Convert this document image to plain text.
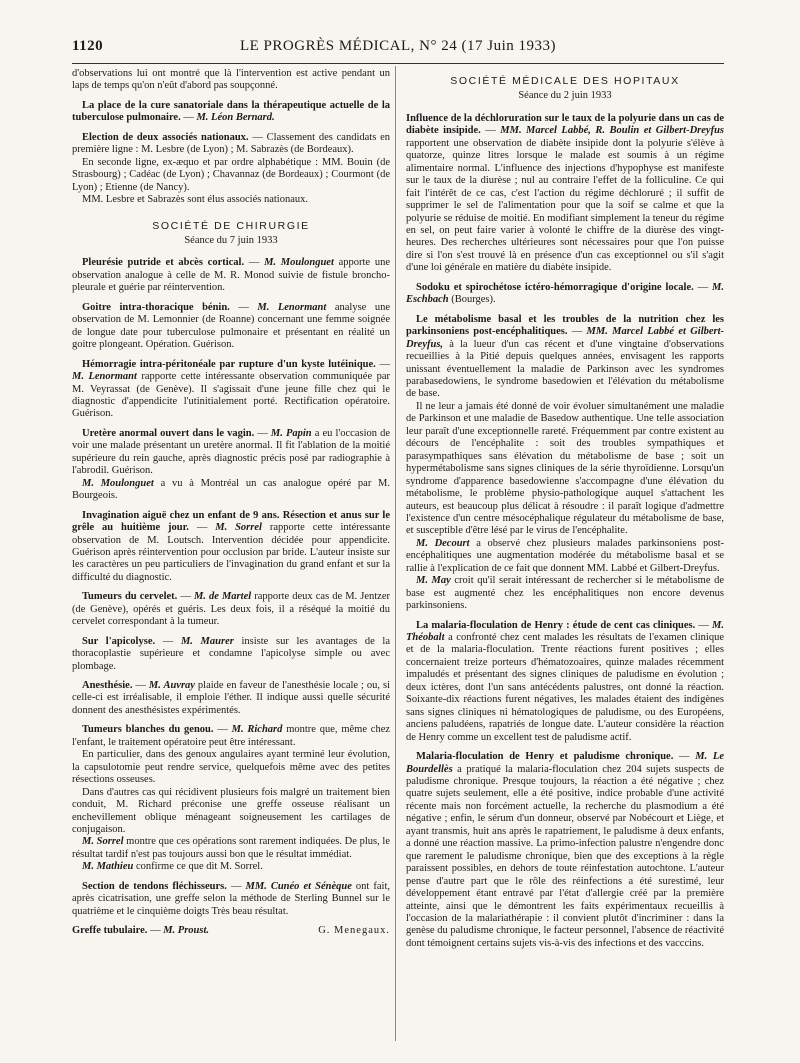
1120	LE PROGRÈS MÉDICAL, N° 24 (17 Juin 1933)

d'observations lui ont montré que là l'intervention est active pendant un laps de temps qu'on n'eût d'abord pas soupçonné.

La place de la cure sanatoriale dans la thérapeutique actuelle de la tuberculose pulmonaire. — M. Léon Bernard.

Election de deux associés nationaux. — Classement des candidats en première ligne : M. Lesbre (de Lyon) ; M. Sabrazès (de Bordeaux).

En seconde ligne, ex-æquo et par ordre alphabétique : MM. Bouin (de Strasbourg) ; Cadéac (de Lyon) ; Chavannaz (de Bordeaux) ; Courmont (de Lyon) ; Etienne (de Nancy).

MM. Lesbre et Sabrazès sont élus associés nationaux.

SOCIÉTÉ DE CHIRURGIE
Séance du 7 juin 1933

Pleurésie putride et abcès cortical. — M. Moulonguet apporte une observation analogue à celle de M. R. Monod suivie de fistule broncho-pleurale et guérie par réintervention.

Goitre intra-thoracique bénin. — M. Lenormant analyse une observation de M. Lemonnier (de Roanne) concernant une femme soignée de longue date pour tuberculose pulmonaire et présentant en réalité un goitre plongeant. Opération. Guérison.

Hémorragie intra-péritonéale par rupture d'un kyste lutéinique. — M. Lenormant rapporte cette intéressante observation communiquée par M. Veyrassat (de Genève). Il s'agissait d'une jeune fille chez qui le diagnostic d'appendicite l'utinitialement porté. Rectification opératoire. Guérison.

Uretère anormal ouvert dans le vagin. — M. Papin a eu l'occasion de voir une malade présentant un uretère anormal. Il fit l'ablation de la moitié supérieure du rein gauche, après diagnostic précis posé par radiographie à l'abrodil. Guérison.

M. Moulonguet a vu à Montréal un cas analogue opéré par M. Bourgeois.

Invagination aiguë chez un enfant de 9 ans. Résection et anus sur le grêle au huitième jour. — M. Sorrel rapporte cette intéressante observation de M. Loutsch. Intervention décidée pour appendicite. Guérison après réintervention pour occlusion par bride. L'auteur insiste sur les caractères un peu particuliers de l'invagination du grand enfant et sur la difficulté du diagnostic.

Tumeurs du cervelet. — M. de Martel rapporte deux cas de M. Jentzer (de Genève), opérés et guéris. Les deux fois, il a réséqué la moitié du cervelet correspondant à la tumeur.

Sur l'apicolyse. — M. Maurer insiste sur les avantages de la thoracoplastie supérieure et condamne l'apicolyse simple ou avec plombage.

Anesthésie. — M. Auvray plaide en faveur de l'anesthésie locale ; ou, si celle-ci est irréalisable, il emploie l'éther. Il indique aussi quelle sécurité donnent des anesthésistes expérimentés.

Tumeurs blanches du genou. — M. Richard montre que, même chez l'enfant, le traitement opératoire peut être intéressant.

En particulier, dans des genoux angulaires ayant terminé leur évolution, la capsulotomie peut rendre service, quelquefois même avec des petites résections osseuses.

Dans d'autres cas qui récidivent plusieurs fois malgré un traitement bien conduit, M. Richard préconise une greffe osseuse réalisant un enchevillement oblique ménageant soigneusement les cartilages de conjugaison.

M. Sorrel montre que ces opérations sont rarement indiquées. De plus, le résultat tardif n'est pas toujours aussi bon que le résultat immédiat.

M. Mathieu confirme ce que dit M. Sorrel.

Section de tendons fléchisseurs. — MM. Cunéo et Sénèque ont fait, après cicatrisation, une greffe selon la méthode de Sterling Bunnel sur le quatrième et le cinquième doigts Très beau résultat.

Greffe tubulaire. — M. Proust.	G. Menegaux.
SOCIÉTÉ MÉDICALE DES HOPITAUX
Séance du 2 juin 1933

Influence de la déchloruration sur le taux de la polyurie dans un cas de diabète insipide. — MM. Marcel Labbé, R. Boulin et Gilbert-Dreyfus rapportent une observation de diabète insipide dont la polyurie s'élève à quatorze, quinze litres lorsque le malade est soumis à un régime alimentaire normal. L'influence des injections d'hypophyse est manifeste sur le taux de la diurèse ; nul au contraire l'effet de la folliculine. Ce qui fait l'intérêt de ce cas, c'est l'action du régime déchloruré ; il suffit de supprimer le sel de l'alimentation pour que la soif se calme et que la polyurie se réduise de moitié. En modifiant simplement la teneur du régime en sel, on peut faire varier à volonté le chiffre de la diurèse des vingt-heures. Des recherches ultérieures sont nécessaires pour que l'on puisse dire si l'on s'est trouvé là en présence d'un cas exceptionnel ou s'il s'agit d'une loi générale en matière du diabète insipide.

Sodoku et spirochétose ictéro-hémorragique d'origine locale. — M. Eschbach (Bourges).

Le métabolisme basal et les troubles de la nutrition chez les parkinsoniens post-encéphalitiques. — MM. Marcel Labbé et Gilbert-Dreyfus, à la lueur d'un cas récent et d'une vingtaine d'observations recueillies à la Pitié depuis quelques années, envisagent les rapports unissant éventuellement la maladie de Parkinson avec les syndromes parabasedowiens, le syndrome basedowien et l'élévation du métabolisme de base.

Il ne leur a jamais été donné de voir évoluer simultanément une maladie de Parkinson et une maladie de Basedow authentique. Une telle association leur paraît d'une exceptionnelle rareté. Fréquemment par contre existent au décours de l'encéphalite : soit des troubles sympathiques et parasympathiques sans élévation du métabolisme de base ; soit un hypermétabolisme sans signes cliniques de la série thyroïdienne. Lorsqu'un syndrome d'apparence basedowienne s'accompagne d'une élévation du métabolisme, le problème physio-pathologique auquel s'attachent les auteurs, est beaucoup plus délicat à résoudre : il paraît logique d'admettre l'existence d'un centre mésocéphalique régulateur du métabolisme de base, et susceptible d'être lésé par le virus de l'encéphalite.

M. Decourt a observé chez plusieurs malades parkinsoniens post-encéphalitiques une augmentation modérée du métabolisme basal et se rallie à l'explication de ce fait que donnent MM. Labbé et Gilbert-Dreyfus.

M. May croit qu'il serait intéressant de rechercher si le métabolisme de base est augmenté chez les encéphalitiques non encore devenus parkinsoniens.

La malaria-floculation de Henry : étude de cent cas cliniques. — M. Théobalt a confronté chez cent malades les résultats de l'examen clinique et de la malaria-floculation. Trente réactions furent positives ; elles concernaient treize porteurs d'hématozoaires, quinze malades récemment impaludés et présentant des signes cliniques de paludisme en évolution ; deux ictères, dont l'un sans antécédents palustres, ont donné la réaction. Soixante-dix réactions furent négatives, les malades étaient des indigènes sans signes cliniques ni hématologiques de paludisme, ou des Européens, anciens paludéens, rapatriés de longue date. L'auteur considère la réaction de Henry comme un excellent test de paludisme actif.

Malaria-floculation de Henry et paludisme chronique. — M. Le Bourdellès a pratiqué la malaria-floculation chez 204 sujets suspects de paludisme chronique. Presque toujours, la réaction a été négative ; chez quatre sujets seulement, elle a été positive, indice probable d'une activité récente mais non forcément actuelle, la recherche du plasmodium a été négative ; enfin, le sérum d'un donneur, observé par Nobécourt et Liège, et ayant transmis, huit ans après le rapatriement, le paludisme à deux enfants, a donné une réaction massive. La primo-infection palustre n'engendre donc que rarement le paludisme chronique, bien que des exceptions à la règle paraissent possibles, en dehors de toute réinfestation autochtone. L'auteur pense d'autre part que le rôle des réinfections a été surestimé, leur développement étant entravé par l'état d'allergie créé par la première atteinte, ainsi que le démontrent les faits expérimentaux recueillis à l'occasion de la malariathérapie : il convient plutôt d'incriminer : dans la genèse du paludisme chronique, le facteur personnel, l'absence de réactivité dont témoignent certains sujets vis-à-vis des infections et des vacccins.
